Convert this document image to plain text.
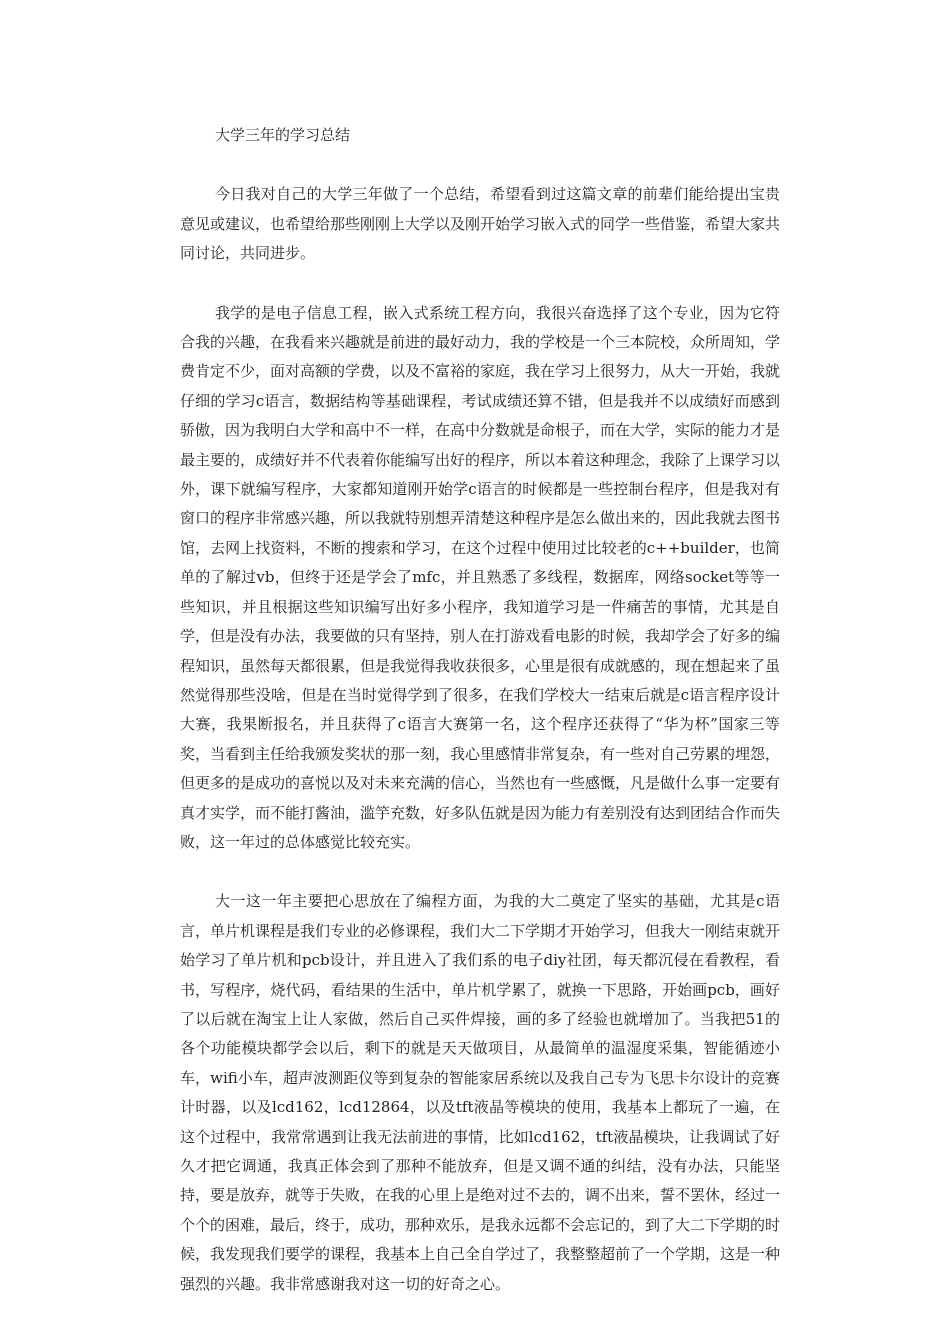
大学三年的学习总结

今日我对自己的大学三年做了一个总结，希望看到过这篇文章的前辈们能给提出宝贵意见或建议，也希望给那些刚刚上大学以及刚开始学习嵌入式的同学一些借鉴，希望大家共同讨论，共同进步。

我学的是电子信息工程，嵌入式系统工程方向，我很兴奋选择了这个专业，因为它符合我的兴趣，在我看来兴趣就是前进的最好动力，我的学校是一个三本院校，众所周知，学费肯定不少，面对高额的学费，以及不富裕的家庭，我在学习上很努力，从大一开始，我就仔细的学习c语言，数据结构等基础课程，考试成绩还算不错，但是我并不以成绩好而感到骄傲，因为我明白大学和高中不一样，在高中分数就是命根子，而在大学，实际的能力才是最主要的，成绩好并不代表着你能编写出好的程序，所以本着这种理念，我除了上课学习以外，课下就编写程序，大家都知道刚开始学c语言的时候都是一些控制台程序，但是我对有窗口的程序非常感兴趣，所以我就特别想弄清楚这种程序是怎么做出来的，因此我就去图书馆，去网上找资料，不断的搜索和学习，在这个过程中使用过比较老的c++builder，也简单的了解过vb，但终于还是学会了mfc，并且熟悉了多线程，数据库，网络socket等等一些知识，并且根据这些知识编写出好多小程序，我知道学习是一件痛苦的事情，尤其是自学，但是没有办法，我要做的只有坚持，别人在打游戏看电影的时候，我却学会了好多的编程知识，虽然每天都很累，但是我觉得我收获很多，心里是很有成就感的，现在想起来了虽然觉得那些没啥，但是在当时觉得学到了很多，在我们学校大一结束后就是c语言程序设计大赛，我果断报名，并且获得了c语言大赛第一名，这个程序还获得了“华为杯”国家三等奖，当看到主任给我颁发奖状的那一刻，我心里感情非常复杂，有一些对自己劳累的埋怨，但更多的是成功的喜悦以及对未来充满的信心，当然也有一些感慨，凡是做什么事一定要有真才实学，而不能打酱油，滥竽充数，好多队伍就是因为能力有差别没有达到团结合作而失败，这一年过的总体感觉比较充实。

大一这一年主要把心思放在了编程方面，为我的大二奠定了坚实的基础，尤其是c语言，单片机课程是我们专业的必修课程，我们大二下学期才开始学习，但我大一刚结束就开始学习了单片机和pcb设计，并且进入了我们系的电子diy社团，每天都沉侵在看教程，看书，写程序，烧代码，看结果的生活中，单片机学累了，就换一下思路，开始画pcb，画好了以后就在淘宝上让人家做，然后自己买件焊接，画的多了经验也就增加了。当我把51的各个功能模块都学会以后，剩下的就是天天做项目，从最简单的温湿度采集，智能循迹小车，wifi小车，超声波测距仪等到复杂的智能家居系统以及我自己专为飞思卡尔设计的竞赛计时器，以及lcd162，lcd12864，以及tft液晶等模块的使用，我基本上都玩了一遍，在这个过程中，我常常遇到让我无法前进的事情，比如lcd162，tft液晶模块，让我调试了好久才把它调通，我真正体会到了那种不能放弃，但是又调不通的纠结，没有办法，只能坚持，要是放弃，就等于失败，在我的心里上是绝对过不去的，调不出来，誓不罢休，经过一个个的困难，最后，终于，成功，那种欢乐，是我永远都不会忘记的，到了大二下学期的时候，我发现我们要学的课程，我基本上自己全自学过了，我整整超前了一个学期，这是一种强烈的兴趣。我非常感谢我对这一切的好奇之心。
